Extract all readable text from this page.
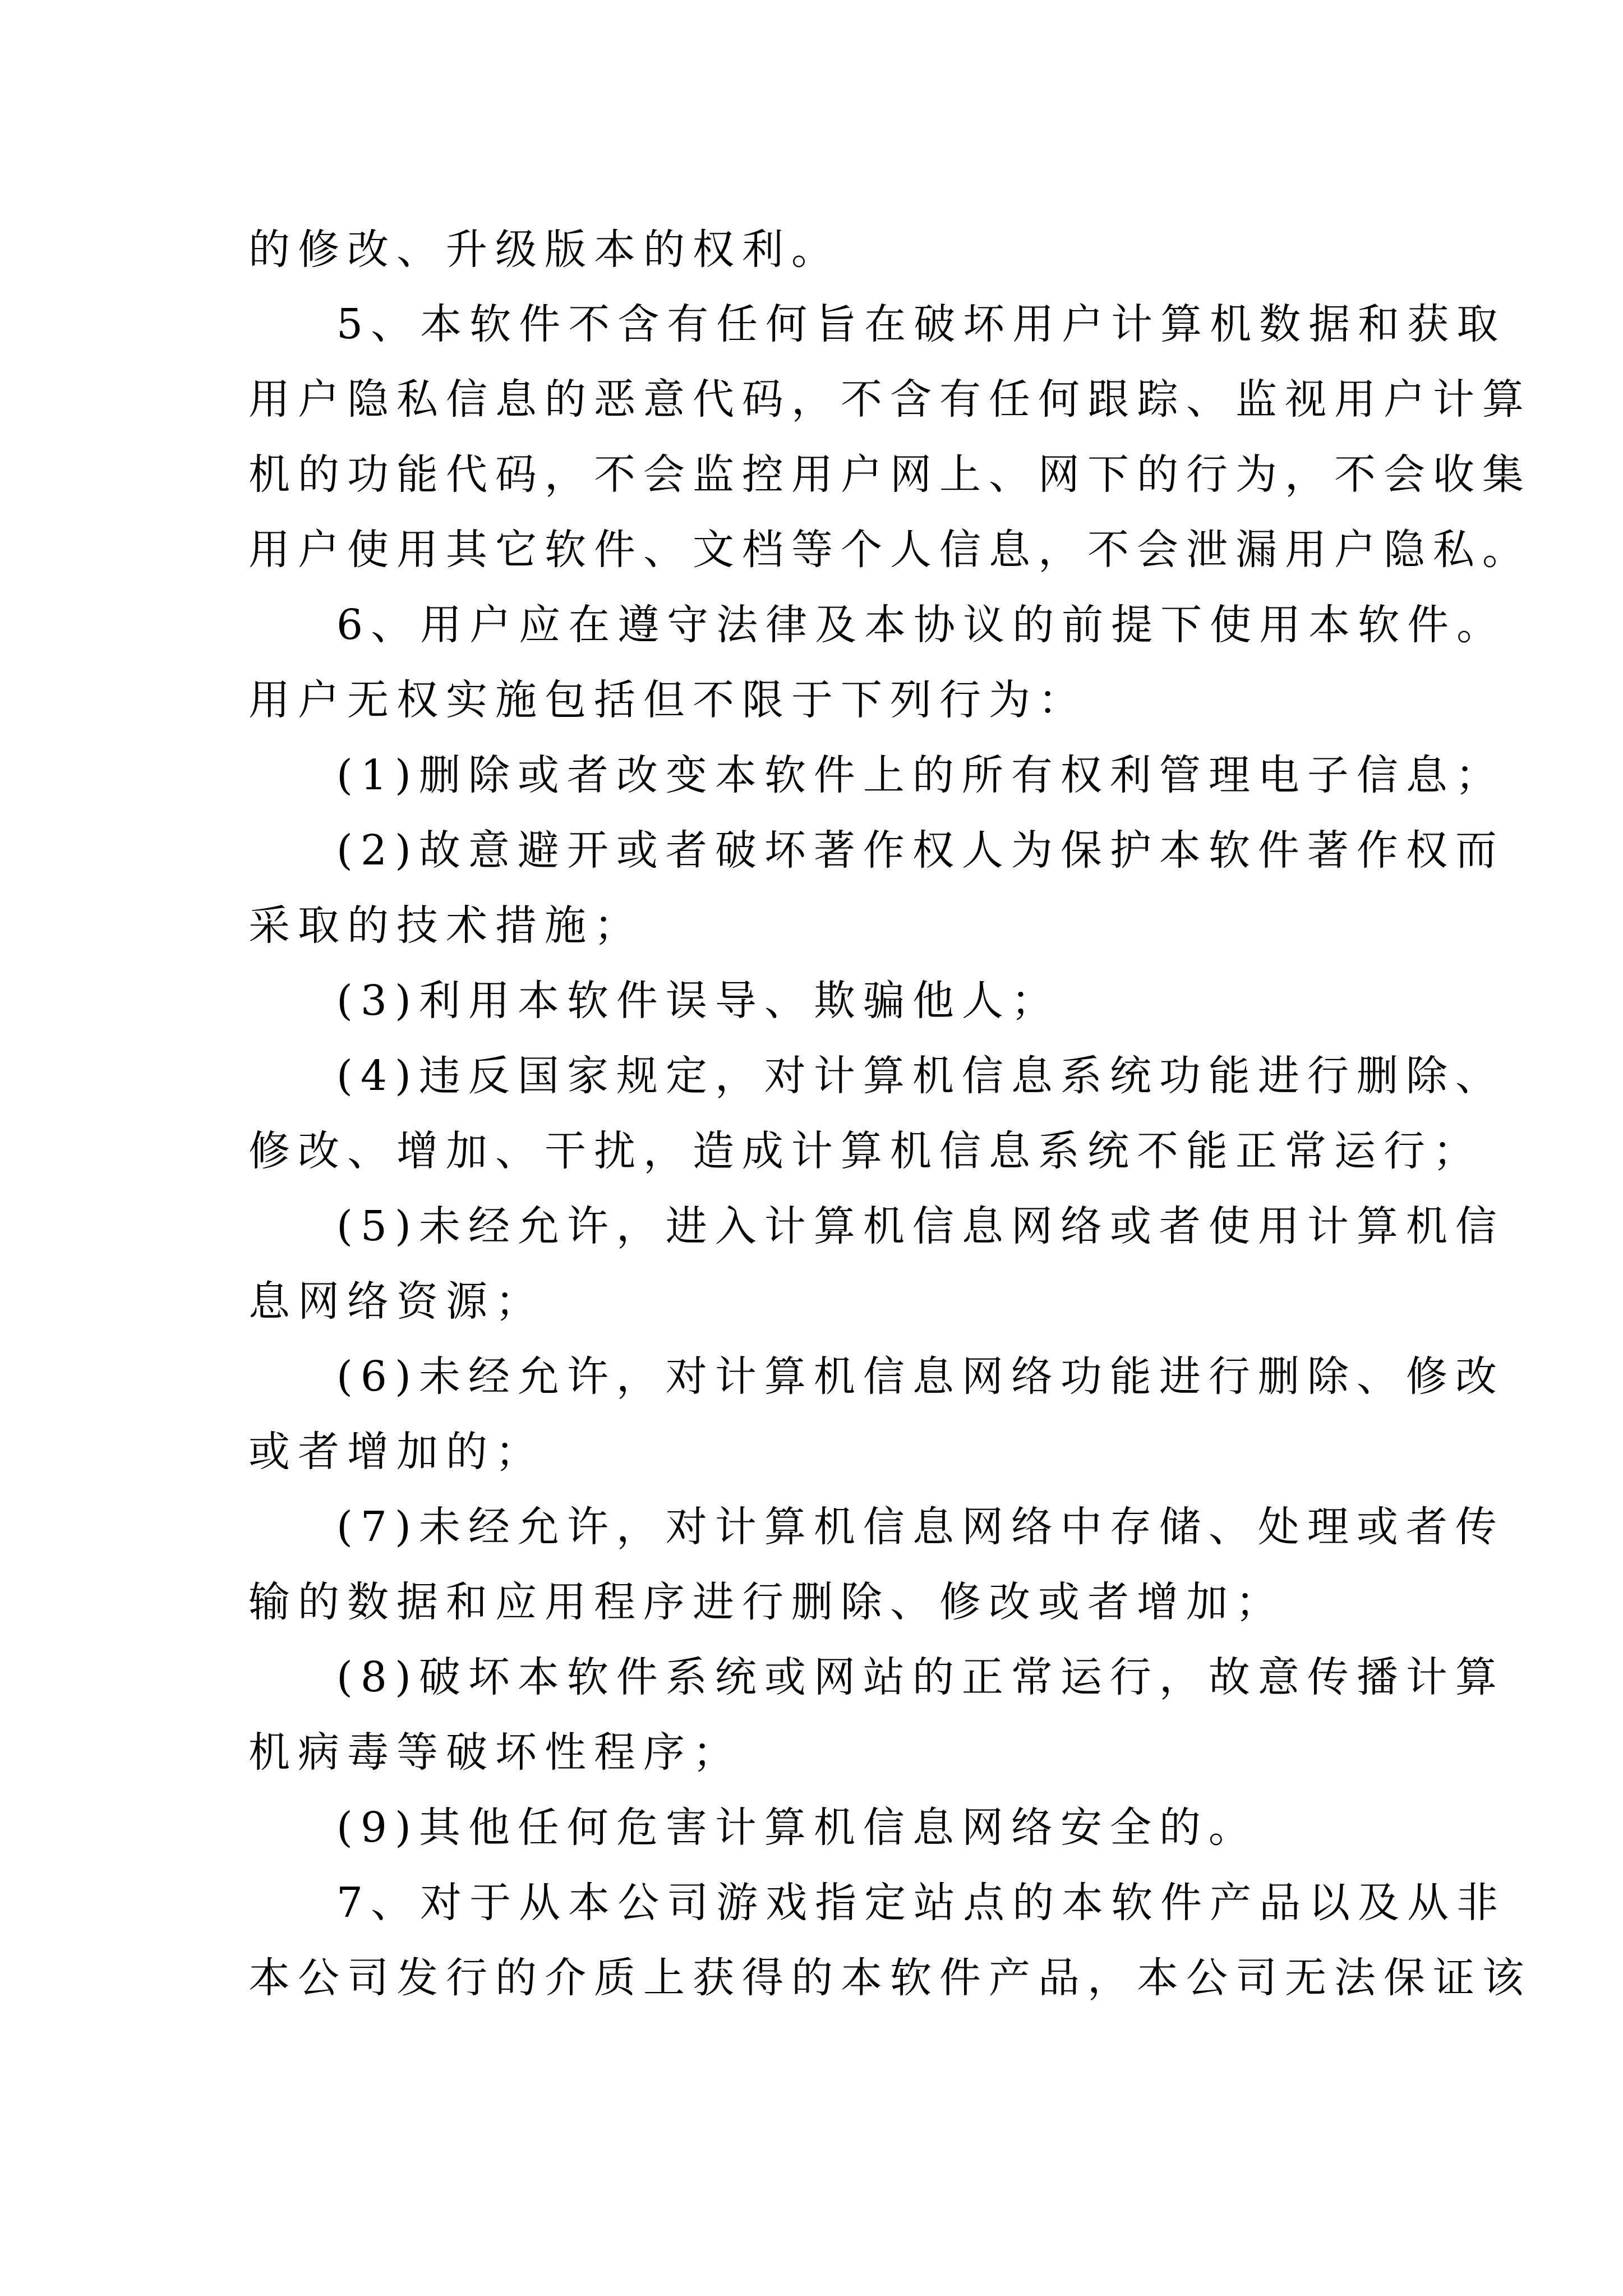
的修改、升级版本的权利。
5、本软件不含有任何旨在破坏用户计算机数据和获取
用户隐私信息的恶意代码，不含有任何跟踪、监视用户计算
机的功能代码，不会监控用户网上、网下的行为，不会收集
用户使用其它软件、文档等个人信息，不会泄漏用户隐私。
6、用户应在遵守法律及本协议的前提下使用本软件。
用户无权实施包括但不限于下列行为：
(1)删除或者改变本软件上的所有权利管理电子信息；
(2)故意避开或者破坏著作权人为保护本软件著作权而
采取的技术措施；
(3)利用本软件误导、欺骗他人；
(4)违反国家规定，对计算机信息系统功能进行删除、
修改、增加、干扰，造成计算机信息系统不能正常运行；
(5)未经允许，进入计算机信息网络或者使用计算机信
息网络资源；
(6)未经允许，对计算机信息网络功能进行删除、修改
或者增加的；
(7)未经允许，对计算机信息网络中存储、处理或者传
输的数据和应用程序进行删除、修改或者增加；
(8)破坏本软件系统或网站的正常运行，故意传播计算
机病毒等破坏性程序；
(9)其他任何危害计算机信息网络安全的。
7、对于从本公司游戏指定站点的本软件产品以及从非
本公司发行的介质上获得的本软件产品，本公司无法保证该
